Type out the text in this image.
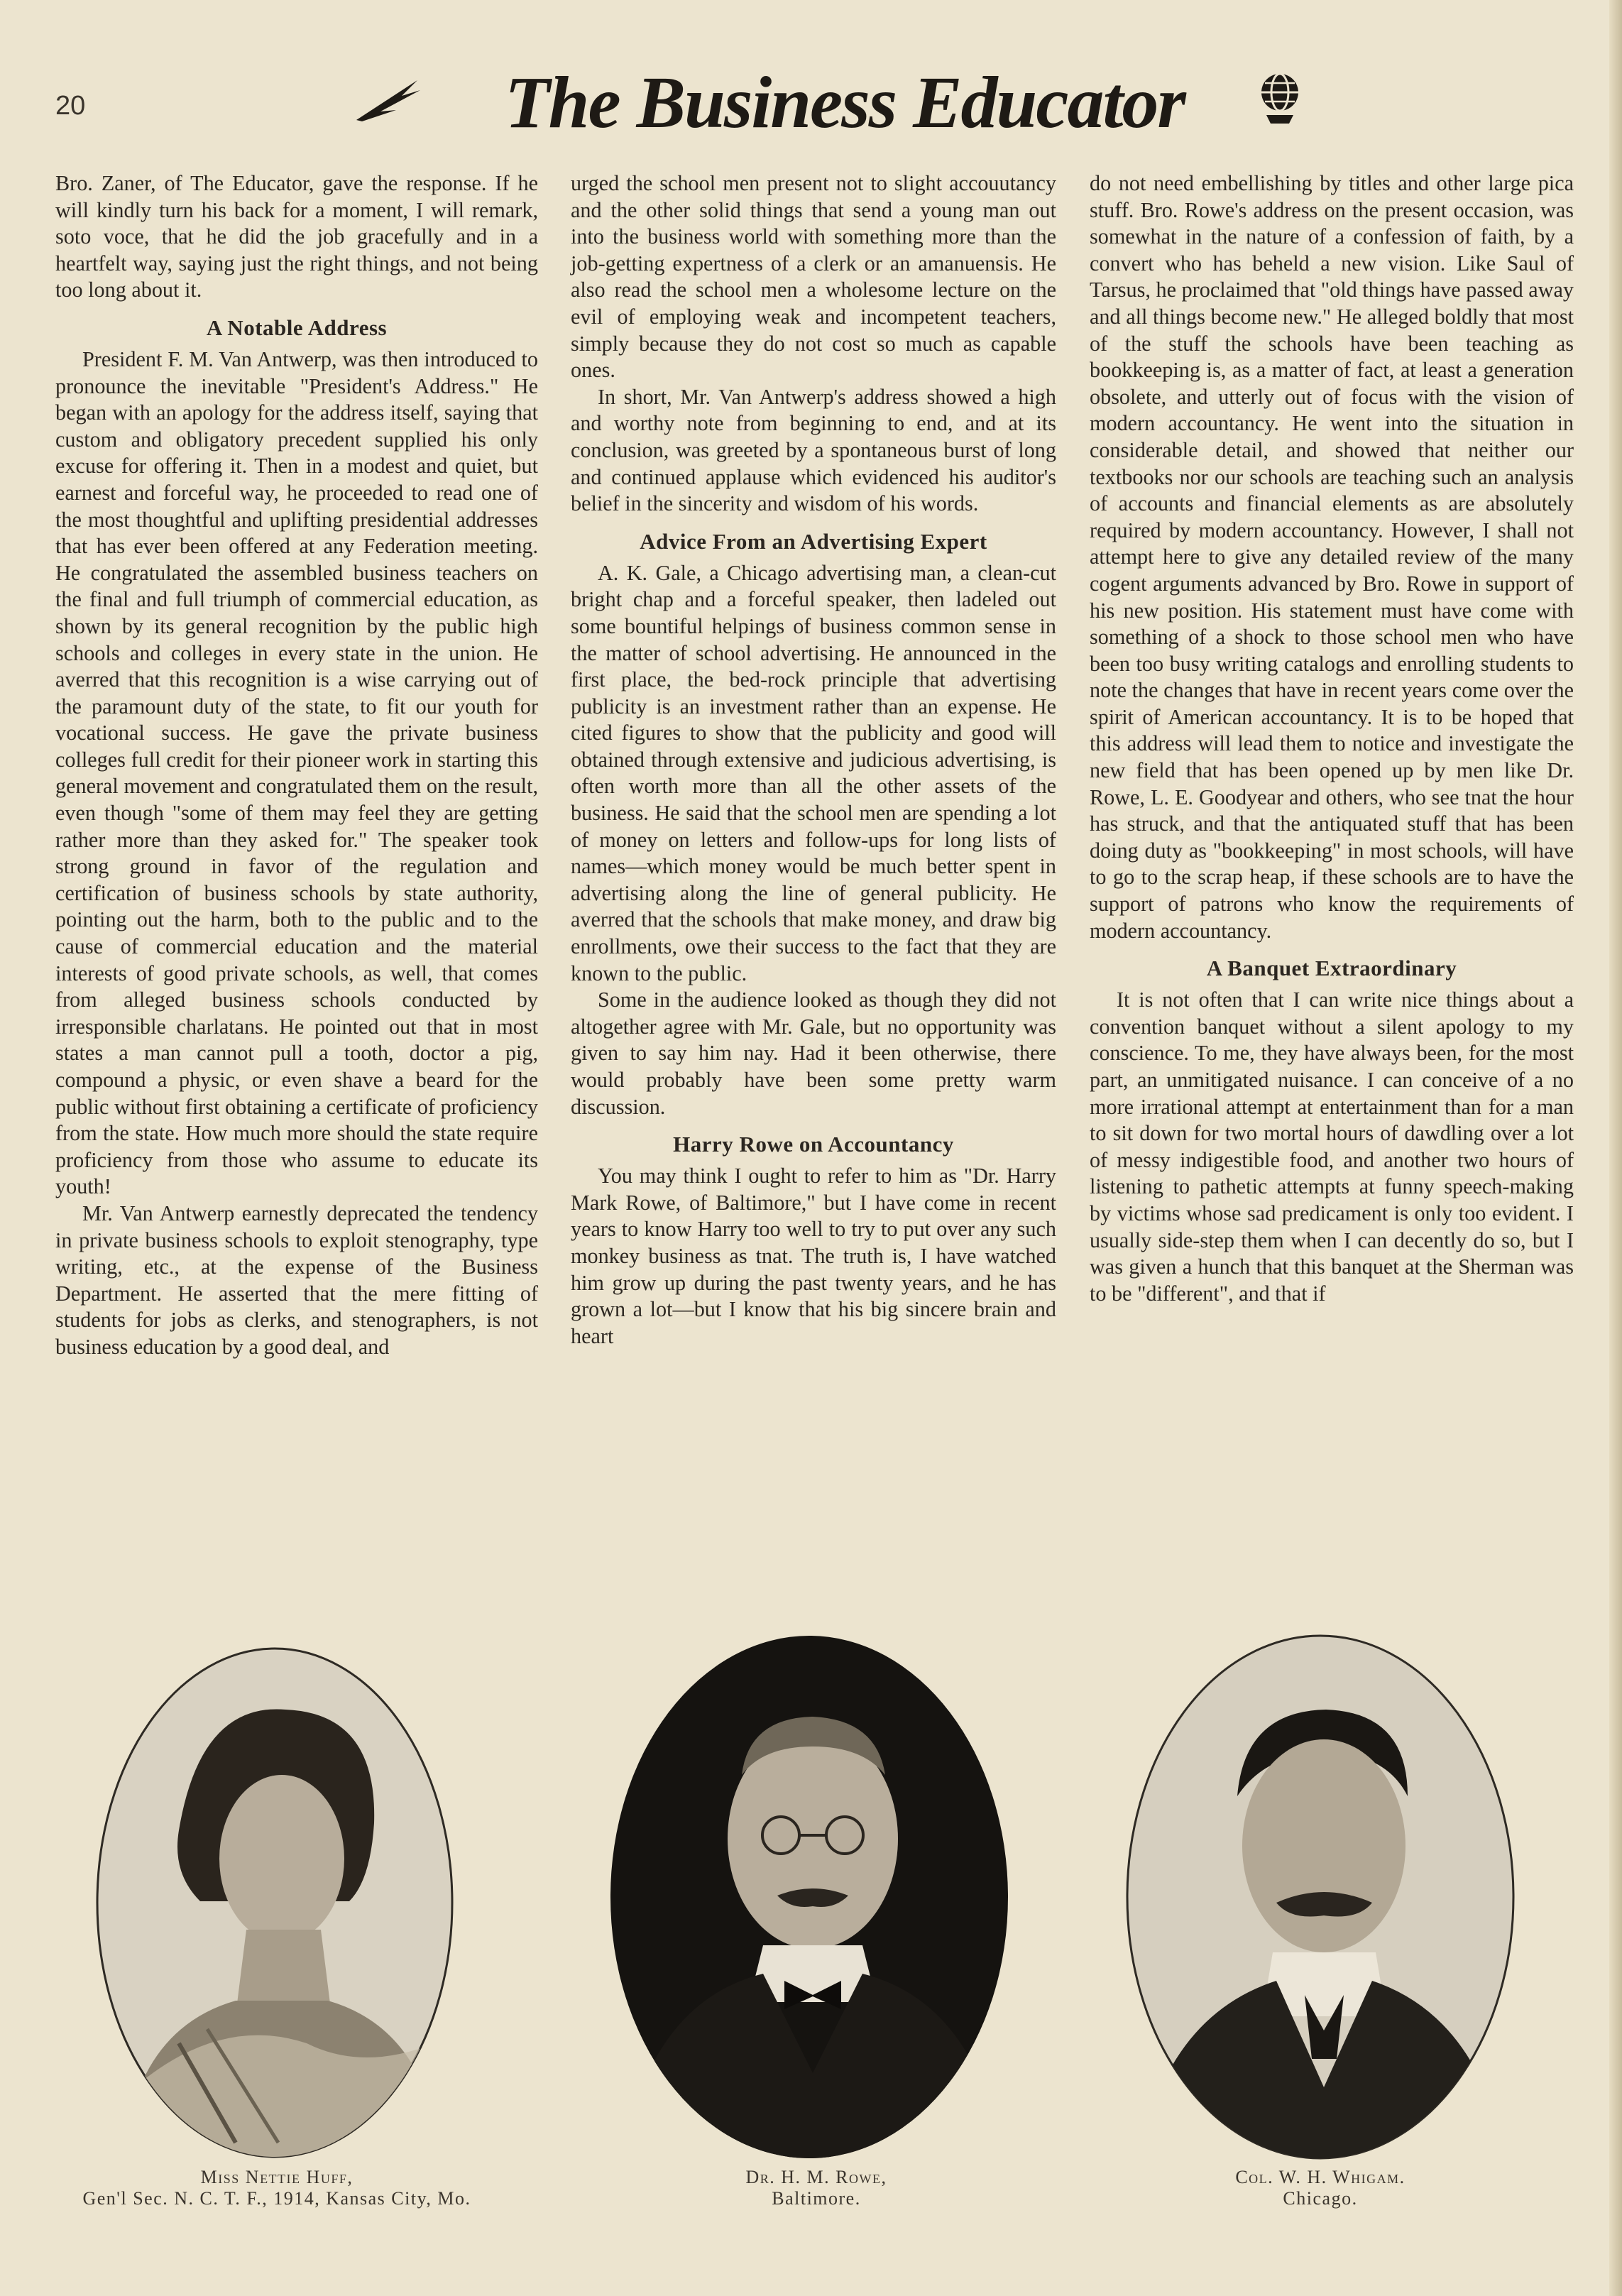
20	The Business Educator

Bro. Zaner, of The Educator, gave the response. If he will kindly turn his back for a moment, I will remark, soto voce, that he did the job gracefully and in a heartfelt way, saying just the right things, and not being too long about it.

A Notable Address

President F. M. Van Antwerp, was then introduced to pronounce the inevitable "President's Address." He began with an apology for the address itself, saying that custom and obligatory precedent supplied his only excuse for offering it. Then in a modest and quiet, but earnest and forceful way, he proceeded to read one of the most thoughtful and uplifting presidential addresses that has ever been offered at any Federation meeting. He congratulated the assembled business teachers on the final and full triumph of commercial education, as shown by its general recognition by the public high schools and colleges in every state in the union. He averred that this recognition is a wise carrying out of the paramount duty of the state, to fit our youth for vocational success. He gave the private business colleges full credit for their pioneer work in starting this general movement and congratulated them on the result, even though "some of them may feel they are getting rather more than they asked for." The speaker took strong ground in favor of the regulation and certification of business schools by state authority, pointing out the harm, both to the public and to the cause of commercial education and the material interests of good private schools, as well, that comes from alleged business schools conducted by irresponsible charlatans. He pointed out that in most states a man cannot pull a tooth, doctor a pig, compound a physic, or even shave a beard for the public without first obtaining a certificate of proficiency from the state. How much more should the state require proficiency from those who assume to educate its youth!

Mr. Van Antwerp earnestly deprecated the tendency in private business schools to exploit stenography, type writing, etc., at the expense of the Business Department. He asserted that the mere fitting of students for jobs as clerks, and stenographers, is not business education by a good deal, and

urged the school men present not to slight accouutancy and the other solid things that send a young man out into the business world with something more than the job-getting expertness of a clerk or an amanuensis. He also read the school men a wholesome lecture on the evil of employing weak and incompetent teachers, simply because they do not cost so much as capable ones.

In short, Mr. Van Antwerp's address showed a high and worthy note from beginning to end, and at its conclusion, was greeted by a spontaneous burst of long and continued applause which evidenced his auditor's belief in the sincerity and wisdom of his words.

Advice From an Advertising Expert

A. K. Gale, a Chicago advertising man, a clean-cut bright chap and a forceful speaker, then ladeled out some bountiful helpings of business common sense in the matter of school advertising. He announced in the first place, the bed-rock principle that advertising publicity is an investment rather than an expense. He cited figures to show that the publicity and good will obtained through extensive and judicious advertising, is often worth more than all the other assets of the business. He said that the school men are spending a lot of money on letters and follow-ups for long lists of names—which money would be much better spent in advertising along the line of general publicity. He averred that the schools that make money, and draw big enrollments, owe their success to the fact that they are known to the public.

Some in the audience looked as though they did not altogether agree with Mr. Gale, but no opportunity was given to say him nay. Had it been otherwise, there would probably have been some pretty warm discussion.

Harry Rowe on Accountancy

You may think I ought to refer to him as "Dr. Harry Mark Rowe, of Baltimore," but I have come in recent years to know Harry too well to try to put over any such monkey business as tnat. The truth is, I have watched him grow up during the past twenty years, and he has grown a lot—but I know that his big sincere brain and heart

do not need embellishing by titles and other large pica stuff. Bro. Rowe's address on the present occasion, was somewhat in the nature of a confession of faith, by a convert who has beheld a new vision. Like Saul of Tarsus, he proclaimed that "old things have passed away and all things become new." He alleged boldly that most of the stuff the schools have been teaching as bookkeeping is, as a matter of fact, at least a generation obsolete, and utterly out of focus with the vision of modern accountancy. He went into the situation in considerable detail, and showed that neither our textbooks nor our schools are teaching such an analysis of accounts and financial elements as are absolutely required by modern accountancy. However, I shall not attempt here to give any detailed review of the many cogent arguments advanced by Bro. Rowe in support of his new position. His statement must have come with something of a shock to those school men who have been too busy writing catalogs and enrolling students to note the changes that have in recent years come over the spirit of American accountancy. It is to be hoped that this address will lead them to notice and investigate the new field that has been opened up by men like Dr. Rowe, L. E. Goodyear and others, who see tnat the hour has struck, and that the antiquated stuff that has been doing duty as "bookkeeping" in most schools, will have to go to the scrap heap, if these schools are to have the support of patrons who know the requirements of modern accountancy.

A Banquet Extraordinary

It is not often that I can write nice things about a convention banquet without a silent apology to my conscience. To me, they have always been, for the most part, an unmitigated nuisance. I can conceive of a no more irrational attempt at entertainment than for a man to sit down for two mortal hours of dawdling over a lot of messy indigestible food, and another two hours of listening to pathetic attempts at funny speech-making by victims whose sad predicament is only too evident. I usually side-step them when I can decently do so, but I was given a hunch that this banquet at the Sherman was to be "different", and that if

Miss Nettie Huff,
Gen'l Sec. N. C. T. F., 1914, Kansas City, Mo.
Dr. H. M. Rowe,
Baltimore.
Col. W. H. Whigam.
Chicago.
